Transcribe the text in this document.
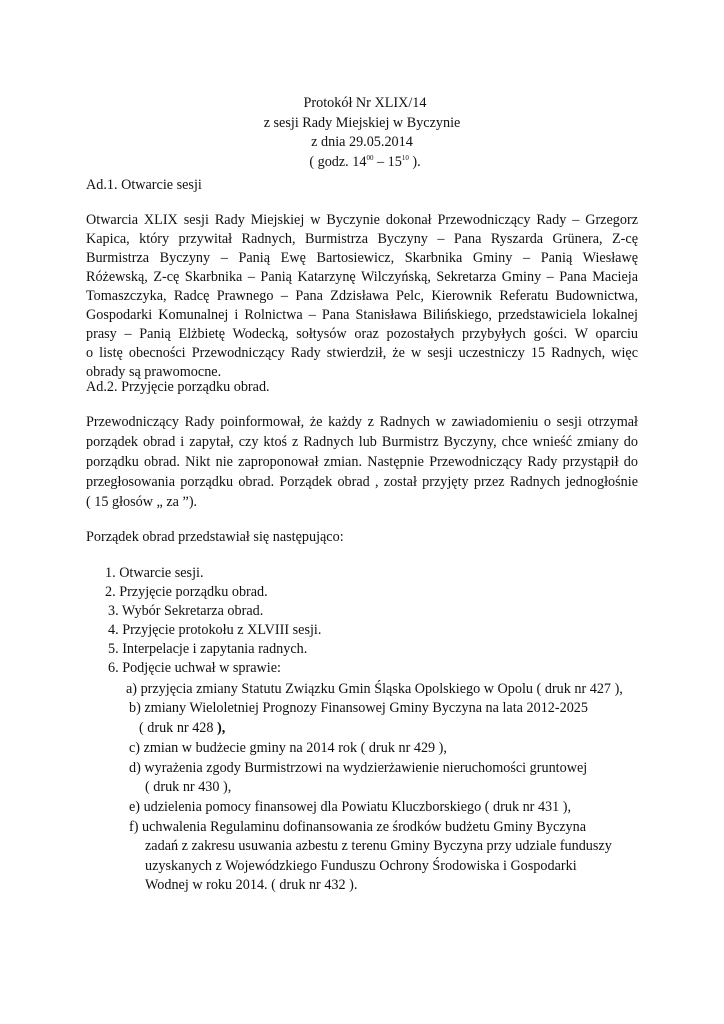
Protokół Nr XLIX/14
z sesji Rady Miejskiej w Byczynie
z dnia 29.05.2014
( godz. $14^{00} - 15^{10}$ ).
Ad.1. Otwarcie sesji
Otwarcia XLIX sesji Rady Miejskiej w Byczynie dokonał Przewodniczący Rady – Grzegorz
Kapica, który przywitał Radnych, Burmistrza Byczyny – Pana Ryszarda Grünera, Z-cę
Burmistrza Byczyny – Panią Ewę Bartosiewicz, Skarbnika Gminy – Panią Wiesławę
Różewską, Z-cę Skarbnika – Panią Katarzynę Wilczyńską, Sekretarza Gminy – Pana Macieja
Tomaszczyka, Radcę Prawnego – Pana Zdzisława Pelc, Kierownik Referatu Budownictwa,
Gospodarki Komunalnej i Rolnictwa – Pana Stanisława Bilińskiego, przedstawiciela lokalnej
prasy – Panią Elżbietę Wodecką, sołtysów oraz pozostałych przybyłych gości. W oparciu
o listę obecności Przewodniczący Rady stwierdził, że w sesji uczestniczy 15 Radnych, więc
obrady są prawomocne.
Ad.2. Przyjęcie porządku obrad.
Przewodniczący Rady poinformował, że każdy z Radnych w zawiadomieniu o sesji otrzymał
porządek obrad i zapytał, czy ktoś z Radnych lub Burmistrz Byczyny, chce wnieść zmiany do
porządku obrad. Nikt nie zaproponował zmian. Następnie Przewodniczący Rady przystąpił do
przegłosowania porządku obrad. Porządek obrad , został przyjęty przez Radnych jednogłośnie
( 15 głosów „ za ”).
Porządek obrad przedstawiał się następująco:
1. Otwarcie sesji.
2. Przyjęcie porządku obrad.
3. Wybór Sekretarza obrad.
4. Przyjęcie protokołu z XLVIII sesji.
5. Interpelacje i zapytania radnych.
6. Podjęcie uchwał w sprawie:
a) przyjęcia zmiany Statutu Związku Gmin Śląska Opolskiego w Opolu ( druk nr 427 ),
b) zmiany Wieloletniej Prognozy Finansowej Gminy Byczyna na lata 2012-2025
( druk nr 428 ),
c) zmian w budżecie gminy na 2014 rok ( druk nr 429 ),
d) wyrażenia zgody Burmistrzowi na wydzierżawienie nieruchomości gruntowej
( druk nr 430 ),
e) udzielenia pomocy finansowej dla Powiatu Kluczborskiego ( druk nr 431 ),
f) uchwalenia Regulaminu dofinansowania ze środków budżetu Gminy Byczyna
zadań z zakresu usuwania azbestu z terenu Gminy Byczyna przy udziale funduszy
uzyskanych z Wojewódzkiego Funduszu Ochrony Środowiska i Gospodarki
Wodnej w roku 2014. ( druk nr 432 ).
